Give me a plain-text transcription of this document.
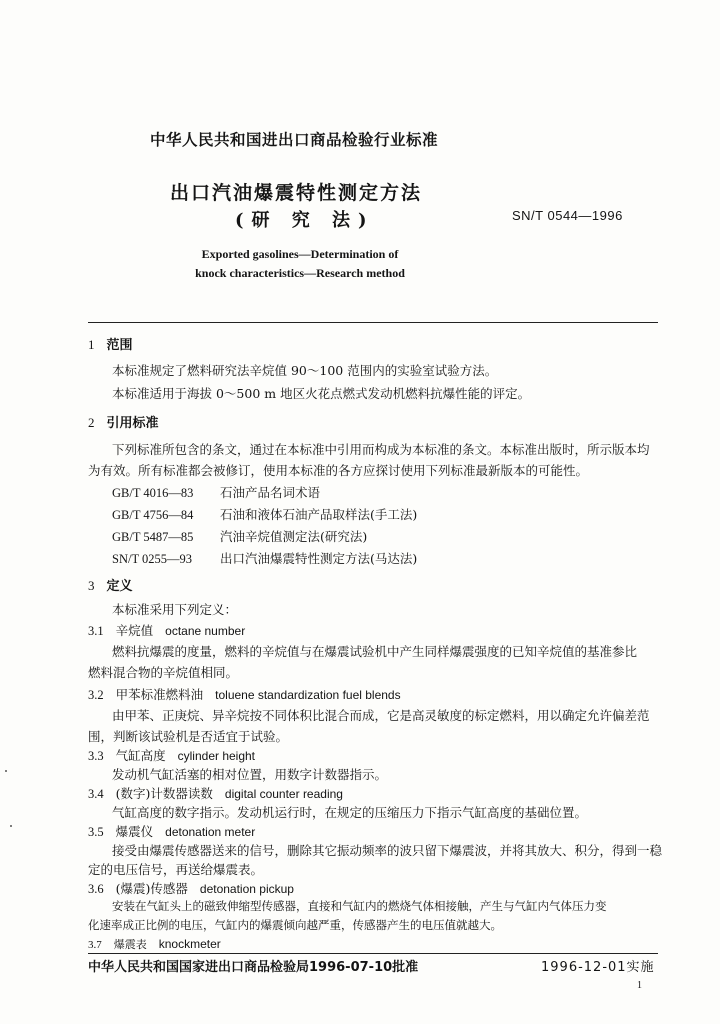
中华人民共和国进出口商品检验行业标准
出口汽油爆震特性测定方法
(研 究 法)	SN/T 0544—1996
Exported gasolines—Determination of
knock characteristics—Research method
1 范围
本标准规定了燃料研究法辛烷值 90～100 范围内的实验室试验方法。
本标准适用于海拔 0～500 m 地区火花点燃式发动机燃料抗爆性能的评定。
2 引用标准
下列标准所包含的条文，通过在本标准中引用而构成为本标准的条文。本标准出版时，所示版本均
为有效。所有标准都会被修订，使用本标准的各方应探讨使用下列标准最新版本的可能性。
GB/T 4016—83 石油产品名词术语
GB/T 4756—84 石油和液体石油产品取样法(手工法)
GB/T 5487—85 汽油辛烷值测定法(研究法)
SN/T 0255—93 出口汽油爆震特性测定方法(马达法)
3 定义
本标准采用下列定义：
3.1 辛烷值 octane number
燃料抗爆震的度量，燃料的辛烷值与在爆震试验机中产生同样爆震强度的已知辛烷值的基准参比
燃料混合物的辛烷值相同。
3.2 甲苯标准燃料油 toluene standardization fuel blends
由甲苯、正庚烷、异辛烷按不同体积比混合而成，它是高灵敏度的标定燃料，用以确定允许偏差范
围，判断该试验机是否适宜于试验。
3.3 气缸高度 cylinder height
发动机气缸活塞的相对位置，用数字计数器指示。
3.4 (数字)计数器读数 digital counter reading
气缸高度的数字指示。发动机运行时，在规定的压缩压力下指示气缸高度的基础位置。
3.5 爆震仪 detonation meter
接受由爆震传感器送来的信号，删除其它振动频率的波只留下爆震波，并将其放大、积分，得到一稳
定的电压信号，再送给爆震表。
3.6 (爆震)传感器 detonation pickup
安装在气缸头上的磁致伸缩型传感器，直接和气缸内的燃烧气体相接触，产生与气缸内气体压力变
中华人民共和国国家进出口商品检验局1996-07-10批准	1996-12-01实施
1
化速率成正比例的电压，气缸内的爆震倾向越严重，传感器产生的电压值就越大。
3.7 爆震表 knockmeter
